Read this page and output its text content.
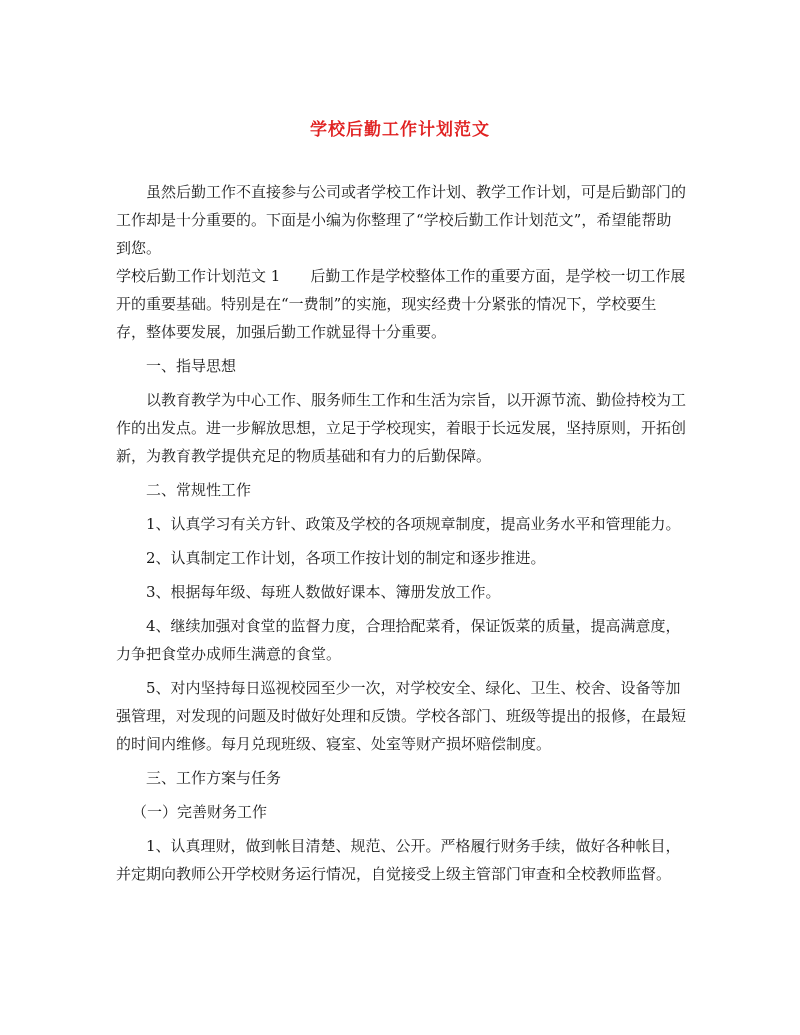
学校后勤工作计划范文

虽然后勤工作不直接参与公司或者学校工作计划、教学工作计划，可是后勤部门的工作却是十分重要的。下面是小编为你整理了“学校后勤工作计划范文”，希望能帮助到您。

学校后勤工作计划范文 1　　后勤工作是学校整体工作的重要方面，是学校一切工作展开的重要基础。特别是在“一费制”的实施，现实经费十分紧张的情况下，学校要生存，整体要发展，加强后勤工作就显得十分重要。

一、指导思想

以教育教学为中心工作、服务师生工作和生活为宗旨，以开源节流、勤俭持校为工作的出发点。进一步解放思想，立足于学校现实，着眼于长远发展，坚持原则，开拓创新，为教育教学提供充足的物质基础和有力的后勤保障。

二、常规性工作

1、认真学习有关方针、政策及学校的各项规章制度，提高业务水平和管理能力。

2、认真制定工作计划，各项工作按计划的制定和逐步推进。

3、根据每年级、每班人数做好课本、簿册发放工作。

4、继续加强对食堂的监督力度，合理拾配菜肴，保证饭菜的质量，提高满意度，力争把食堂办成师生满意的食堂。

5、对内坚持每日巡视校园至少一次，对学校安全、绿化、卫生、校舍、设备等加强管理，对发现的问题及时做好处理和反馈。学校各部门、班级等提出的报修，在最短的时间内维修。每月兑现班级、寝室、处室等财产损坏赔偿制度。

三、工作方案与任务

（一）完善财务工作

1、认真理财，做到帐目清楚、规范、公开。严格履行财务手续，做好各种帐目，并定期向教师公开学校财务运行情况，自觉接受上级主管部门审查和全校教师监督。
